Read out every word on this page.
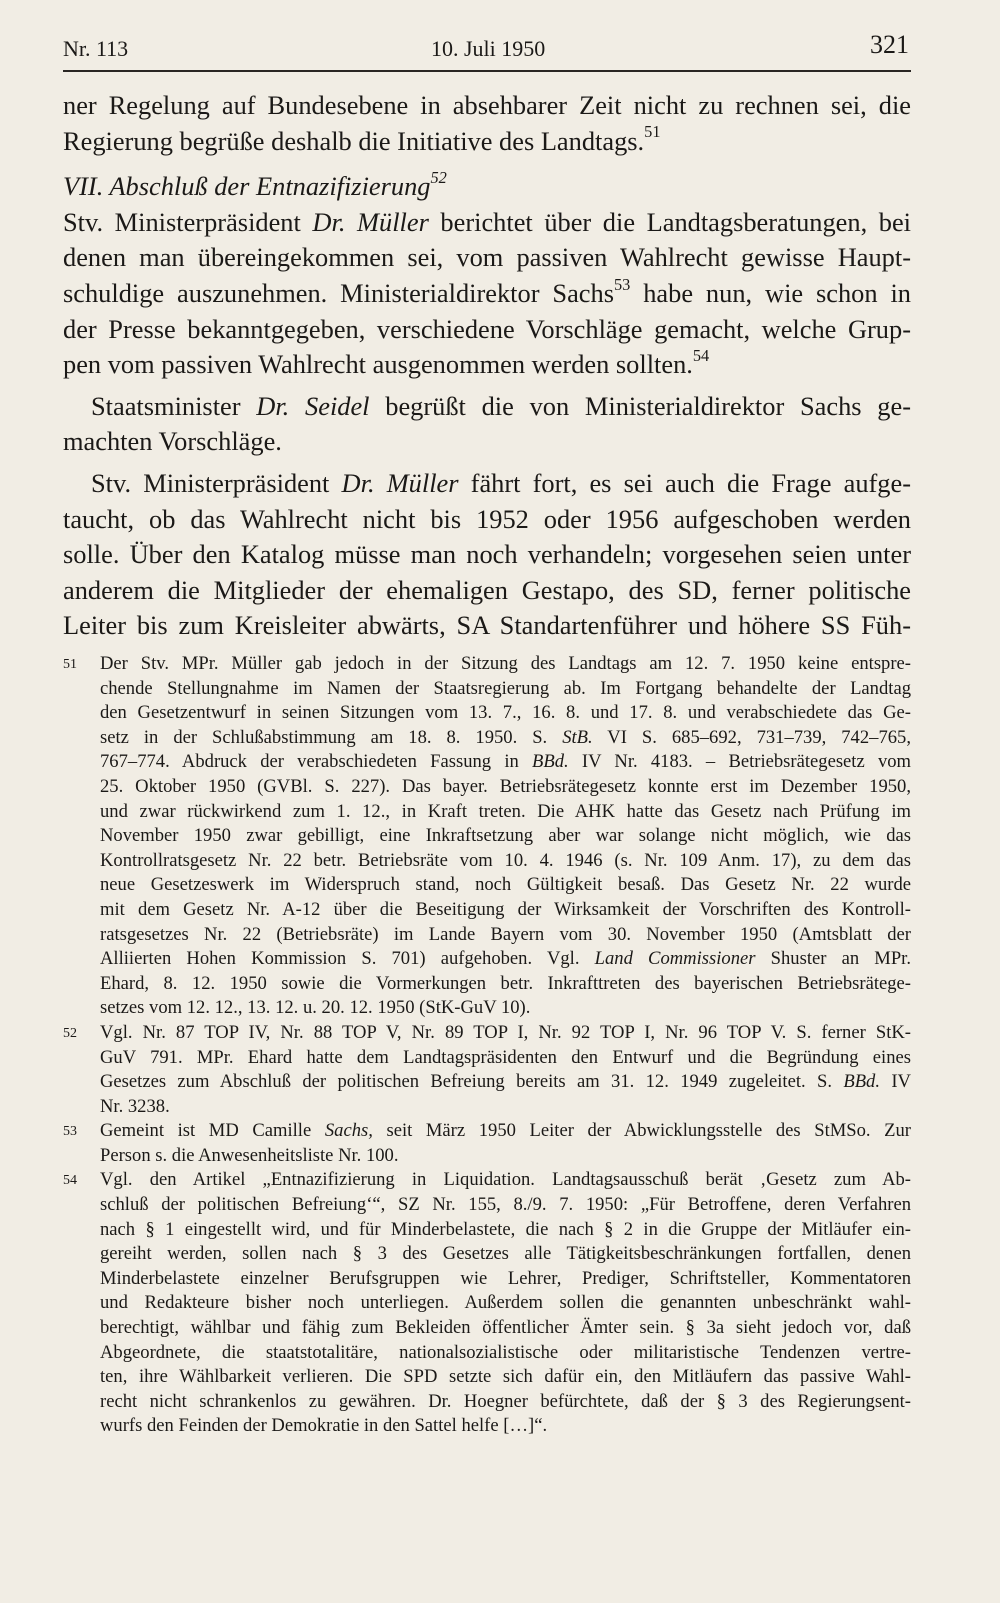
Nr. 113	10. Juli 1950	321

ner Regelung auf Bundesebene in absehbarer Zeit nicht zu rechnen sei, die

Regierung begrüße deshalb die Initiative des Landtags.$^{51}$

VII. Abschluß der Entnazifizierung$^{52}$

Stv. Ministerpräsident Dr. Müller berichtet über die Landtagsberatungen, bei

denen man übereingekommen sei, vom passiven Wahlrecht gewisse Haupt-

schuldige auszunehmen. Ministerialdirektor Sachs$^{53}$ habe nun, wie schon in

der Presse bekanntgegeben, verschiedene Vorschläge gemacht, welche Grup-

pen vom passiven Wahlrecht ausgenommen werden sollten.$^{54}$

Staatsminister Dr. Seidel begrüßt die von Ministerialdirektor Sachs ge-

machten Vorschläge.

Stv. Ministerpräsident Dr. Müller fährt fort, es sei auch die Frage aufge-

taucht, ob das Wahlrecht nicht bis 1952 oder 1956 aufgeschoben werden

solle. Über den Katalog müsse man noch verhandeln; vorgesehen seien unter

anderem die Mitglieder der ehemaligen Gestapo, des SD, ferner politische

Leiter bis zum Kreisleiter abwärts, SA Standartenführer und höhere SS Füh-

51 Der Stv. MPr. Müller gab jedoch in der Sitzung des Landtags am 12. 7. 1950 keine entspre-

chende Stellungnahme im Namen der Staatsregierung ab. Im Fortgang behandelte der Landtag

den Gesetzentwurf in seinen Sitzungen vom 13. 7., 16. 8. und 17. 8. und verabschiedete das Ge-

setz in der Schlußabstimmung am 18. 8. 1950. S. StB. VI S. 685–692, 731–739, 742–765,

767–774. Abdruck der verabschiedeten Fassung in BBd. IV Nr. 4183. – Betriebsrätegesetz vom

25. Oktober 1950 (GVBl. S. 227). Das bayer. Betriebsrätegesetz konnte erst im Dezember 1950,

und zwar rückwirkend zum 1. 12., in Kraft treten. Die AHK hatte das Gesetz nach Prüfung im

November 1950 zwar gebilligt, eine Inkraftsetzung aber war solange nicht möglich, wie das

Kontrollratsgesetz Nr. 22 betr. Betriebsräte vom 10. 4. 1946 (s. Nr. 109 Anm. 17), zu dem das

neue Gesetzeswerk im Widerspruch stand, noch Gültigkeit besaß. Das Gesetz Nr. 22 wurde

mit dem Gesetz Nr. A-12 über die Beseitigung der Wirksamkeit der Vorschriften des Kontroll-

ratsgesetzes Nr. 22 (Betriebsräte) im Lande Bayern vom 30. November 1950 (Amtsblatt der

Alliierten Hohen Kommission S. 701) aufgehoben. Vgl. Land Commissioner Shuster an MPr.

Ehard, 8. 12. 1950 sowie die Vormerkungen betr. Inkrafttreten des bayerischen Betriebsrätege-

setzes vom 12. 12., 13. 12. u. 20. 12. 1950 (StK-GuV 10).

52 Vgl. Nr. 87 TOP IV, Nr. 88 TOP V, Nr. 89 TOP I, Nr. 92 TOP I, Nr. 96 TOP V. S. ferner StK-

GuV 791. MPr. Ehard hatte dem Landtagspräsidenten den Entwurf und die Begründung eines

Gesetzes zum Abschluß der politischen Befreiung bereits am 31. 12. 1949 zugeleitet. S. BBd. IV

Nr. 3238.

53 Gemeint ist MD Camille Sachs, seit März 1950 Leiter der Abwicklungsstelle des StMSo. Zur

Person s. die Anwesenheitsliste Nr. 100.

54 Vgl. den Artikel „Entnazifizierung in Liquidation. Landtagsausschuß berät ‚Gesetz zum Ab-

schluß der politischen Befreiung‘“, SZ Nr. 155, 8./9. 7. 1950: „Für Betroffene, deren Verfahren

nach § 1 eingestellt wird, und für Minderbelastete, die nach § 2 in die Gruppe der Mitläufer ein-

gereiht werden, sollen nach § 3 des Gesetzes alle Tätigkeitsbeschränkungen fortfallen, denen

Minderbelastete einzelner Berufsgruppen wie Lehrer, Prediger, Schriftsteller, Kommentatoren

und Redakteure bisher noch unterliegen. Außerdem sollen die genannten unbeschränkt wahl-

berechtigt, wählbar und fähig zum Bekleiden öffentlicher Ämter sein. § 3a sieht jedoch vor, daß

Abgeordnete, die staatstotalitäre, nationalsozialistische oder militaristische Tendenzen vertre-

ten, ihre Wählbarkeit verlieren. Die SPD setzte sich dafür ein, den Mitläufern das passive Wahl-

recht nicht schrankenlos zu gewähren. Dr. Hoegner befürchtete, daß der § 3 des Regierungsent-

wurfs den Feinden der Demokratie in den Sattel helfe […]“.
